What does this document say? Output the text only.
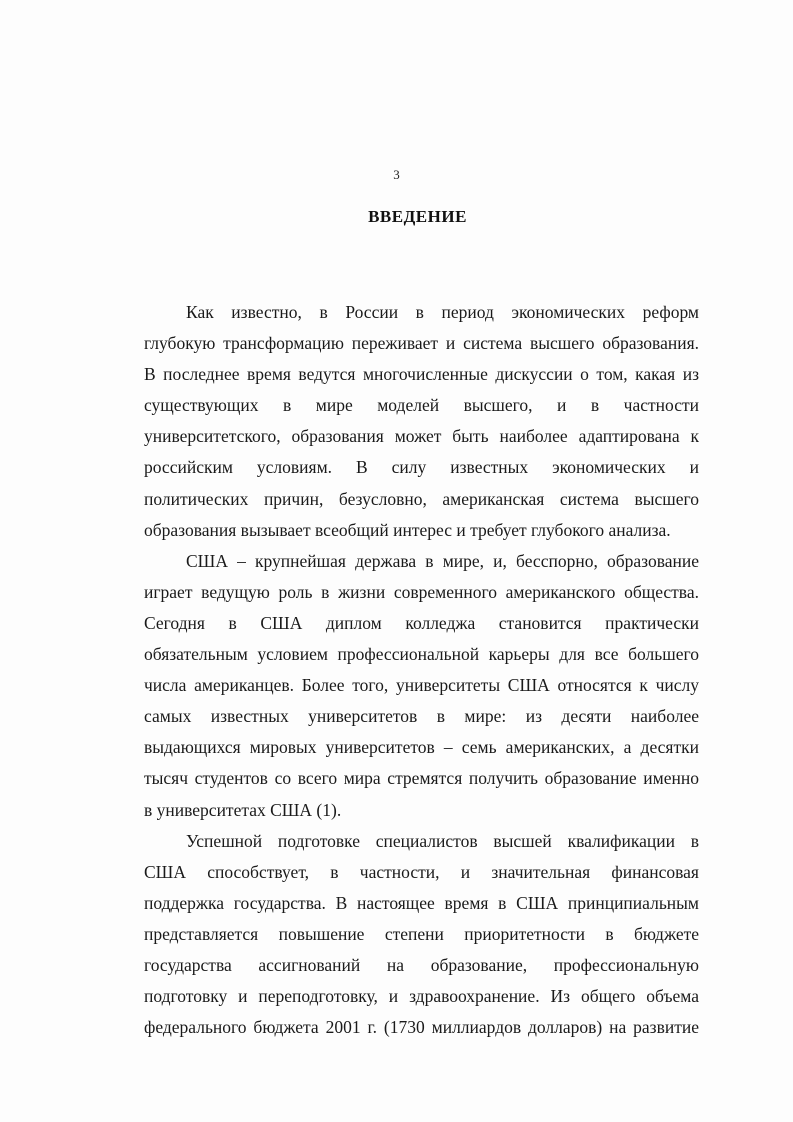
3
ВВЕДЕНИЕ
Как известно, в России в период экономических реформ
глубокую трансформацию переживает и система высшего образования.
В последнее время ведутся многочисленные дискуссии о том, какая из
существующих в мире моделей высшего, и в частности
университетского, образования может быть наиболее адаптирована к
российским условиям. В силу известных экономических и
политических причин, безусловно, американская система высшего
образования вызывает всеобщий интерес и требует глубокого анализа.
США – крупнейшая держава в мире, и, бесспорно, образование
играет ведущую роль в жизни современного американского общества.
Сегодня в США диплом колледжа становится практически
обязательным условием профессиональной карьеры для все большего
числа американцев. Более того, университеты США относятся к числу
самых известных университетов в мире: из десяти наиболее
выдающихся мировых университетов – семь американских, а десятки
тысяч студентов со всего мира стремятся получить образование именно
в университетах США (1).
Успешной подготовке специалистов высшей квалификации в
США способствует, в частности, и значительная финансовая
поддержка государства. В настоящее время в США принципиальным
представляется повышение степени приоритетности в бюджете
государства ассигнований на образование, профессиональную
подготовку и переподготовку, и здравоохранение. Из общего объема
федерального бюджета 2001 г. (1730 миллиардов долларов) на развитие
